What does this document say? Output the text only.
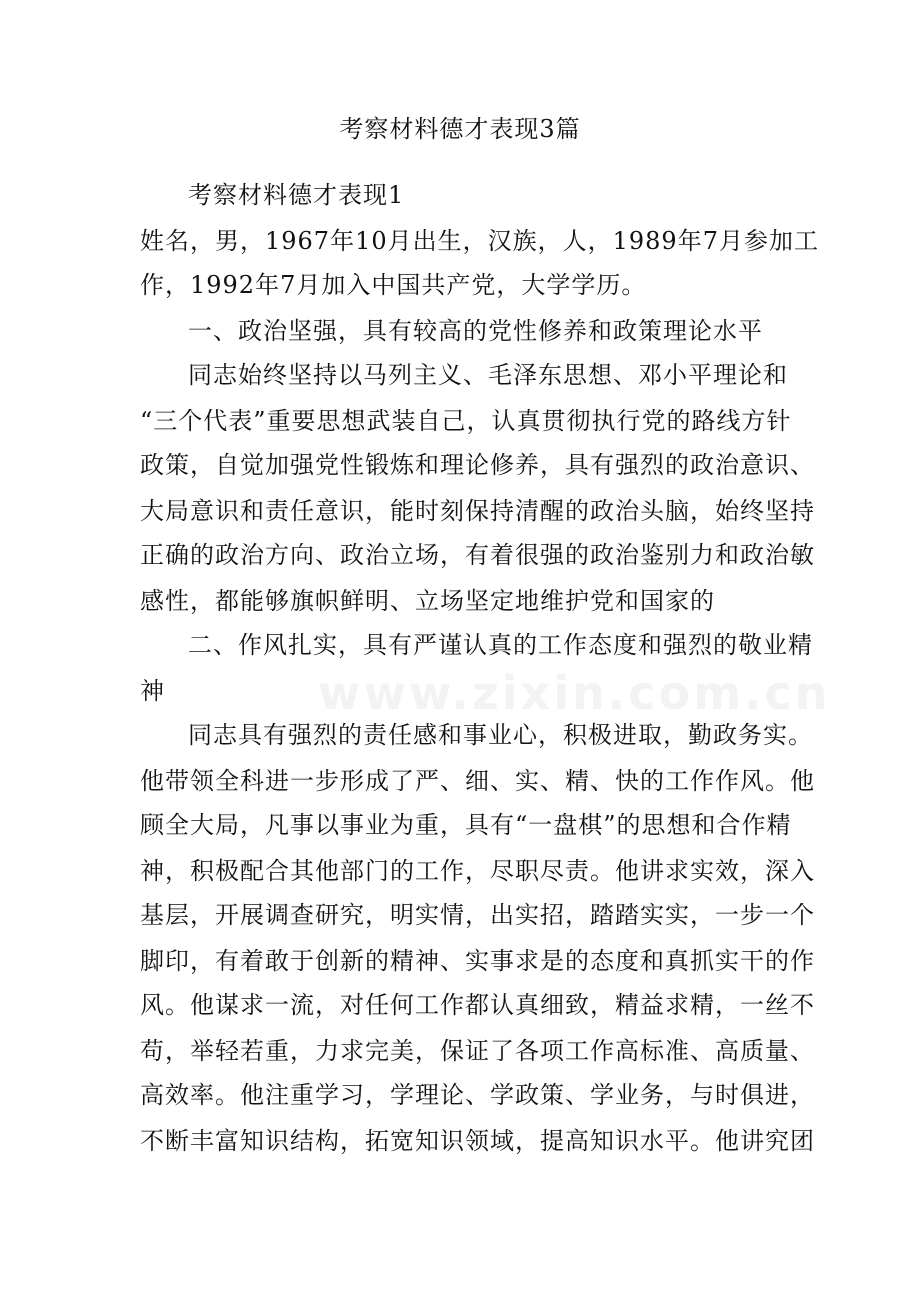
考察材料德才表现3篇
考察材料德才表现1
姓名，男，1967年10月出生，汉族，人，1989年7月参加工
作，1992年7月加入中国共产党，大学学历。
一、政治坚强，具有较高的党性修养和政策理论水平
同志始终坚持以马列主义、毛泽东思想、邓小平理论和
“三个代表”重要思想武装自己，认真贯彻执行党的路线方针
政策，自觉加强党性锻炼和理论修养，具有强烈的政治意识、
大局意识和责任意识，能时刻保持清醒的政治头脑，始终坚持
正确的政治方向、政治立场，有着很强的政治鉴别力和政治敏
感性，都能够旗帜鲜明、立场坚定地维护党和国家的
二、作风扎实，具有严谨认真的工作态度和强烈的敬业精
神
同志具有强烈的责任感和事业心，积极进取，勤政务实。
他带领全科进一步形成了严、细、实、精、快的工作作风。他
顾全大局，凡事以事业为重，具有“一盘棋”的思想和合作精
神，积极配合其他部门的工作，尽职尽责。他讲求实效，深入
基层，开展调查研究，明实情，出实招，踏踏实实，一步一个
脚印，有着敢于创新的精神、实事求是的态度和真抓实干的作
风。他谋求一流，对任何工作都认真细致，精益求精，一丝不
苟，举轻若重，力求完美，保证了各项工作高标准、高质量、
高效率。他注重学习，学理论、学政策、学业务，与时俱进，
不断丰富知识结构，拓宽知识领域，提高知识水平。他讲究团
www.zixin.com.cn
